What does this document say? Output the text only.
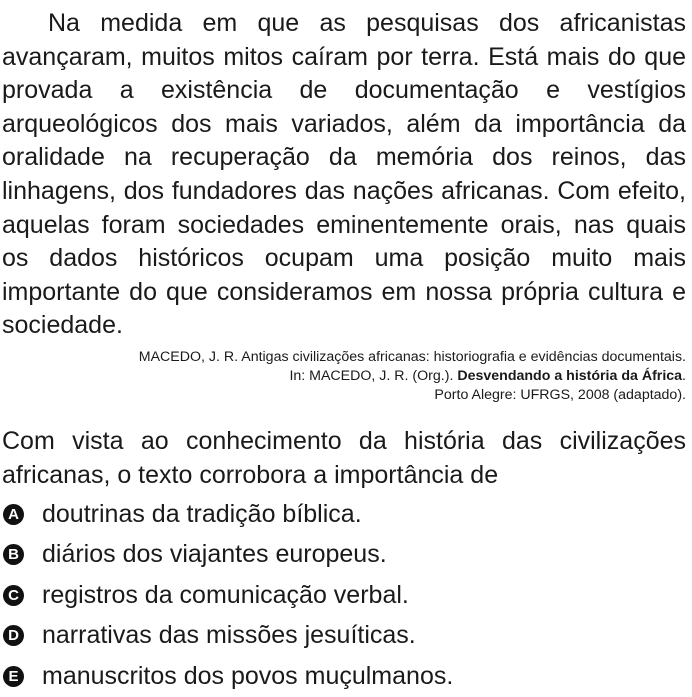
Na medida em que as pesquisas dos africanistas avançaram, muitos mitos caíram por terra. Está mais do que provada a existência de documentação e vestígios arqueológicos dos mais variados, além da importância da oralidade na recuperação da memória dos reinos, das linhagens, dos fundadores das nações africanas. Com efeito, aquelas foram sociedades eminentemente orais, nas quais os dados históricos ocupam uma posição muito mais importante do que consideramos em nossa própria cultura e sociedade.

MACEDO, J. R. Antigas civilizações africanas: historiografia e evidências documentais.
In: MACEDO, J. R. (Org.). Desvendando a história da África.
Porto Alegre: UFRGS, 2008 (adaptado).

Com vista ao conhecimento da história das civilizações africanas, o texto corrobora a importância de

A doutrinas da tradição bíblica.
B diários dos viajantes europeus.
C registros da comunicação verbal.
D narrativas das missões jesuíticas.
E manuscritos dos povos muçulmanos.
